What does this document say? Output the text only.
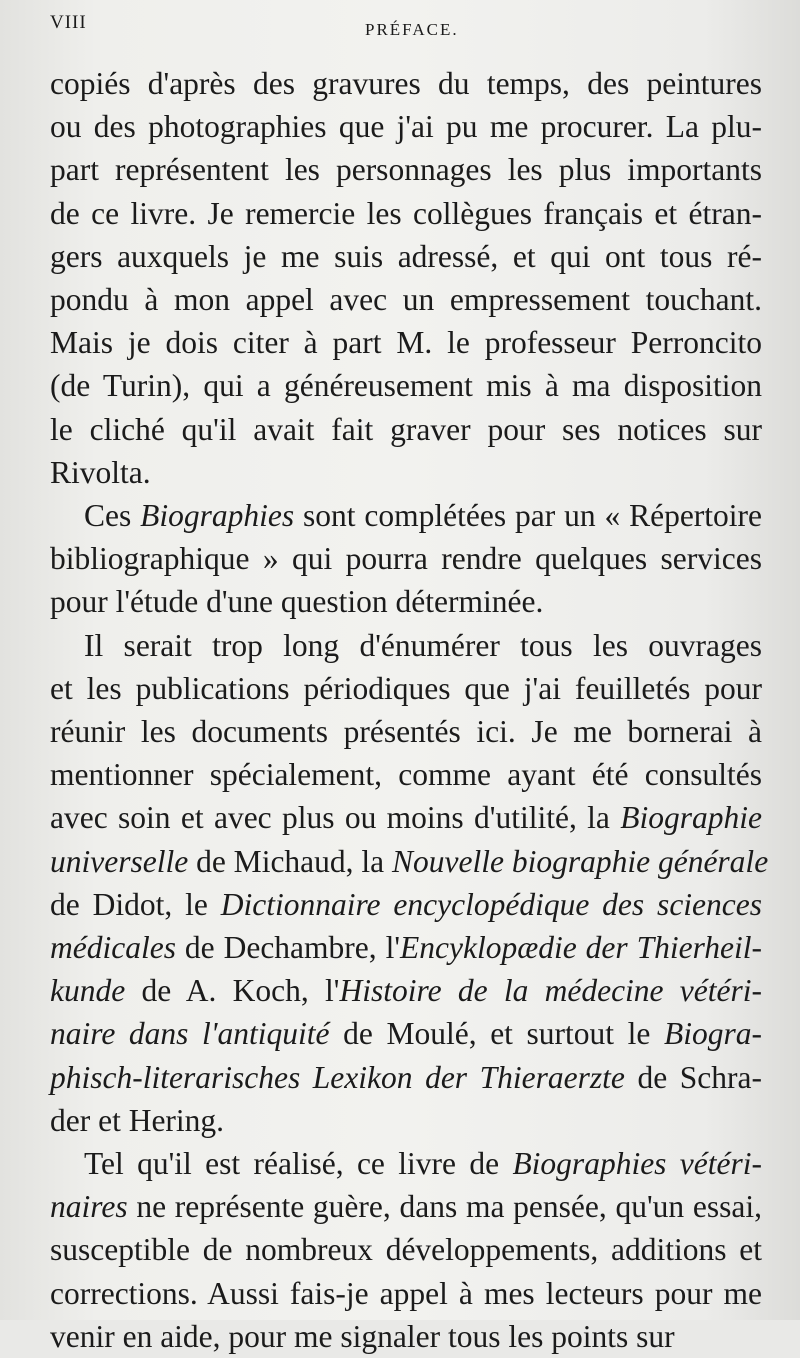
VIII	PRÉFACE.

copiés d'après des gravures du temps, des peintures
ou des photographies que j'ai pu me procurer. La plu-
part représentent les personnages les plus importants
de ce livre. Je remercie les collègues français et étran-
gers auxquels je me suis adressé, et qui ont tous ré-
pondu à mon appel avec un empressement touchant.
Mais je dois citer à part M. le professeur Perroncito
(de Turin), qui a généreusement mis à ma disposition
le cliché qu'il avait fait graver pour ses notices sur
Rivolta.

Ces Biographies sont complétées par un « Répertoire
bibliographique » qui pourra rendre quelques services
pour l'étude d'une question déterminée.

Il serait trop long d'énumérer tous les ouvrages
et les publications périodiques que j'ai feuilletés pour
réunir les documents présentés ici. Je me bornerai à
mentionner spécialement, comme ayant été consultés
avec soin et avec plus ou moins d'utilité, la Biographie
universelle de Michaud, la Nouvelle biographie générale
de Didot, le Dictionnaire encyclopédique des sciences
médicales de Dechambre, l'Encyklopædie der Thierheil-
kunde de A. Koch, l'Histoire de la médecine vétéri-
naire dans l'antiquité de Moulé, et surtout le Biogra-
phisch-literarisches Lexikon der Thieraerzte de Schra-
der et Hering.

Tel qu'il est réalisé, ce livre de Biographies vétéri-
naires ne représente guère, dans ma pensée, qu'un essai,
susceptible de nombreux développements, additions et
corrections. Aussi fais-je appel à mes lecteurs pour me
venir en aide, pour me signaler tous les points sur
